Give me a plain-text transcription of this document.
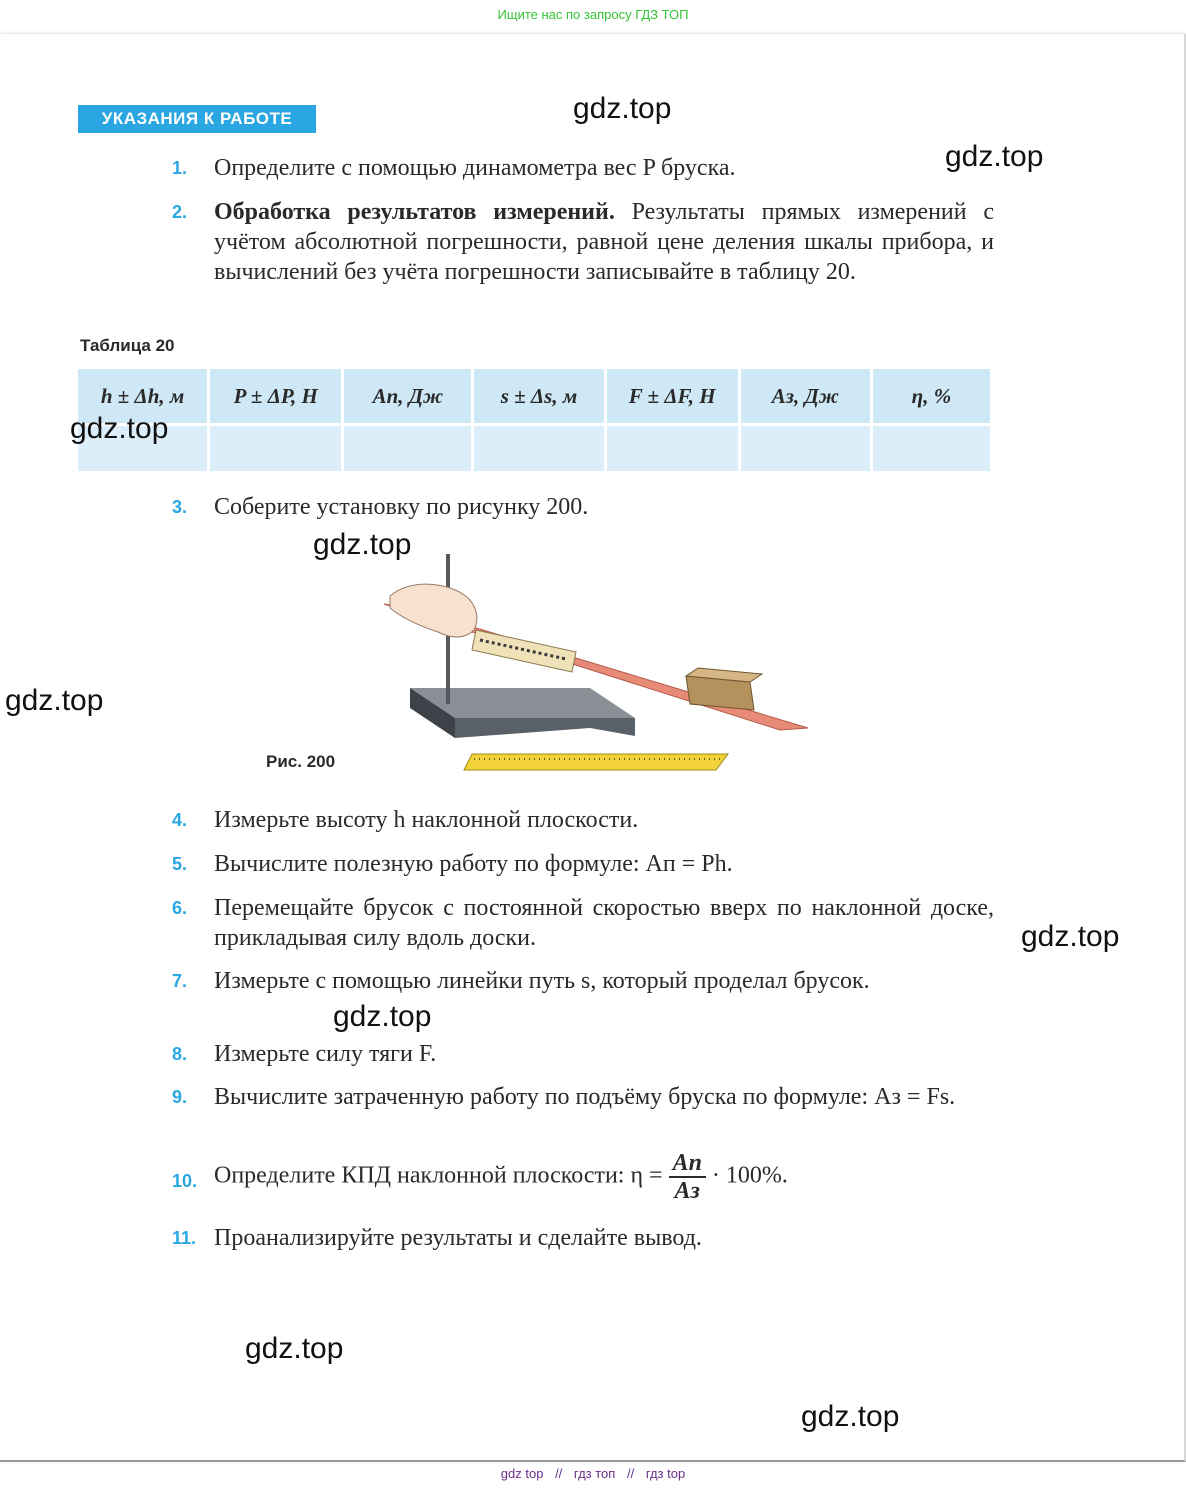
Ищите нас по запросу ГДЗ ТОП
УКАЗАНИЯ К РАБОТЕ
1.	Определите с помощью динамометра вес P бруска.
2.	Обработка результатов измерений. Результаты прямых измерений с учётом абсолютной погрешности, равной цене деления шкалы прибора, и вычислений без учёта погрешности записывайте в таблицу 20.
Таблица 20
h ± Δh, м	P ± ΔP, Н	Aп, Дж	s ± Δs, м	F ± ΔF, Н	Aз, Дж	η, %

3.	Соберите установку по рисунку 200.
Рис. 200
4.	Измерьте высоту h наклонной плоскости.
5.	Вычислите полезную работу по формуле: Aп = Ph.
6.	Перемещайте брусок с постоянной скоростью вверх по наклонной доске, прикладывая силу вдоль доски.
7.	Измерьте с помощью линейки путь s, который проделал брусок.
8.	Измерьте силу тяги F.
9.	Вычислите затраченную работу по подъёму бруска по формуле: Aз = Fs.
10. Определите КПД наклонной плоскости: $\eta = \frac{Aп}{Aз} \cdot 100\%$.
11. Проанализируйте результаты и сделайте вывод.
gdz.top
gdz.top
gdz.top
gdz.top
gdz.top
gdz.top
gdz.top
gdz.top
gdz.top
gdz top // гдз топ // гдз top
